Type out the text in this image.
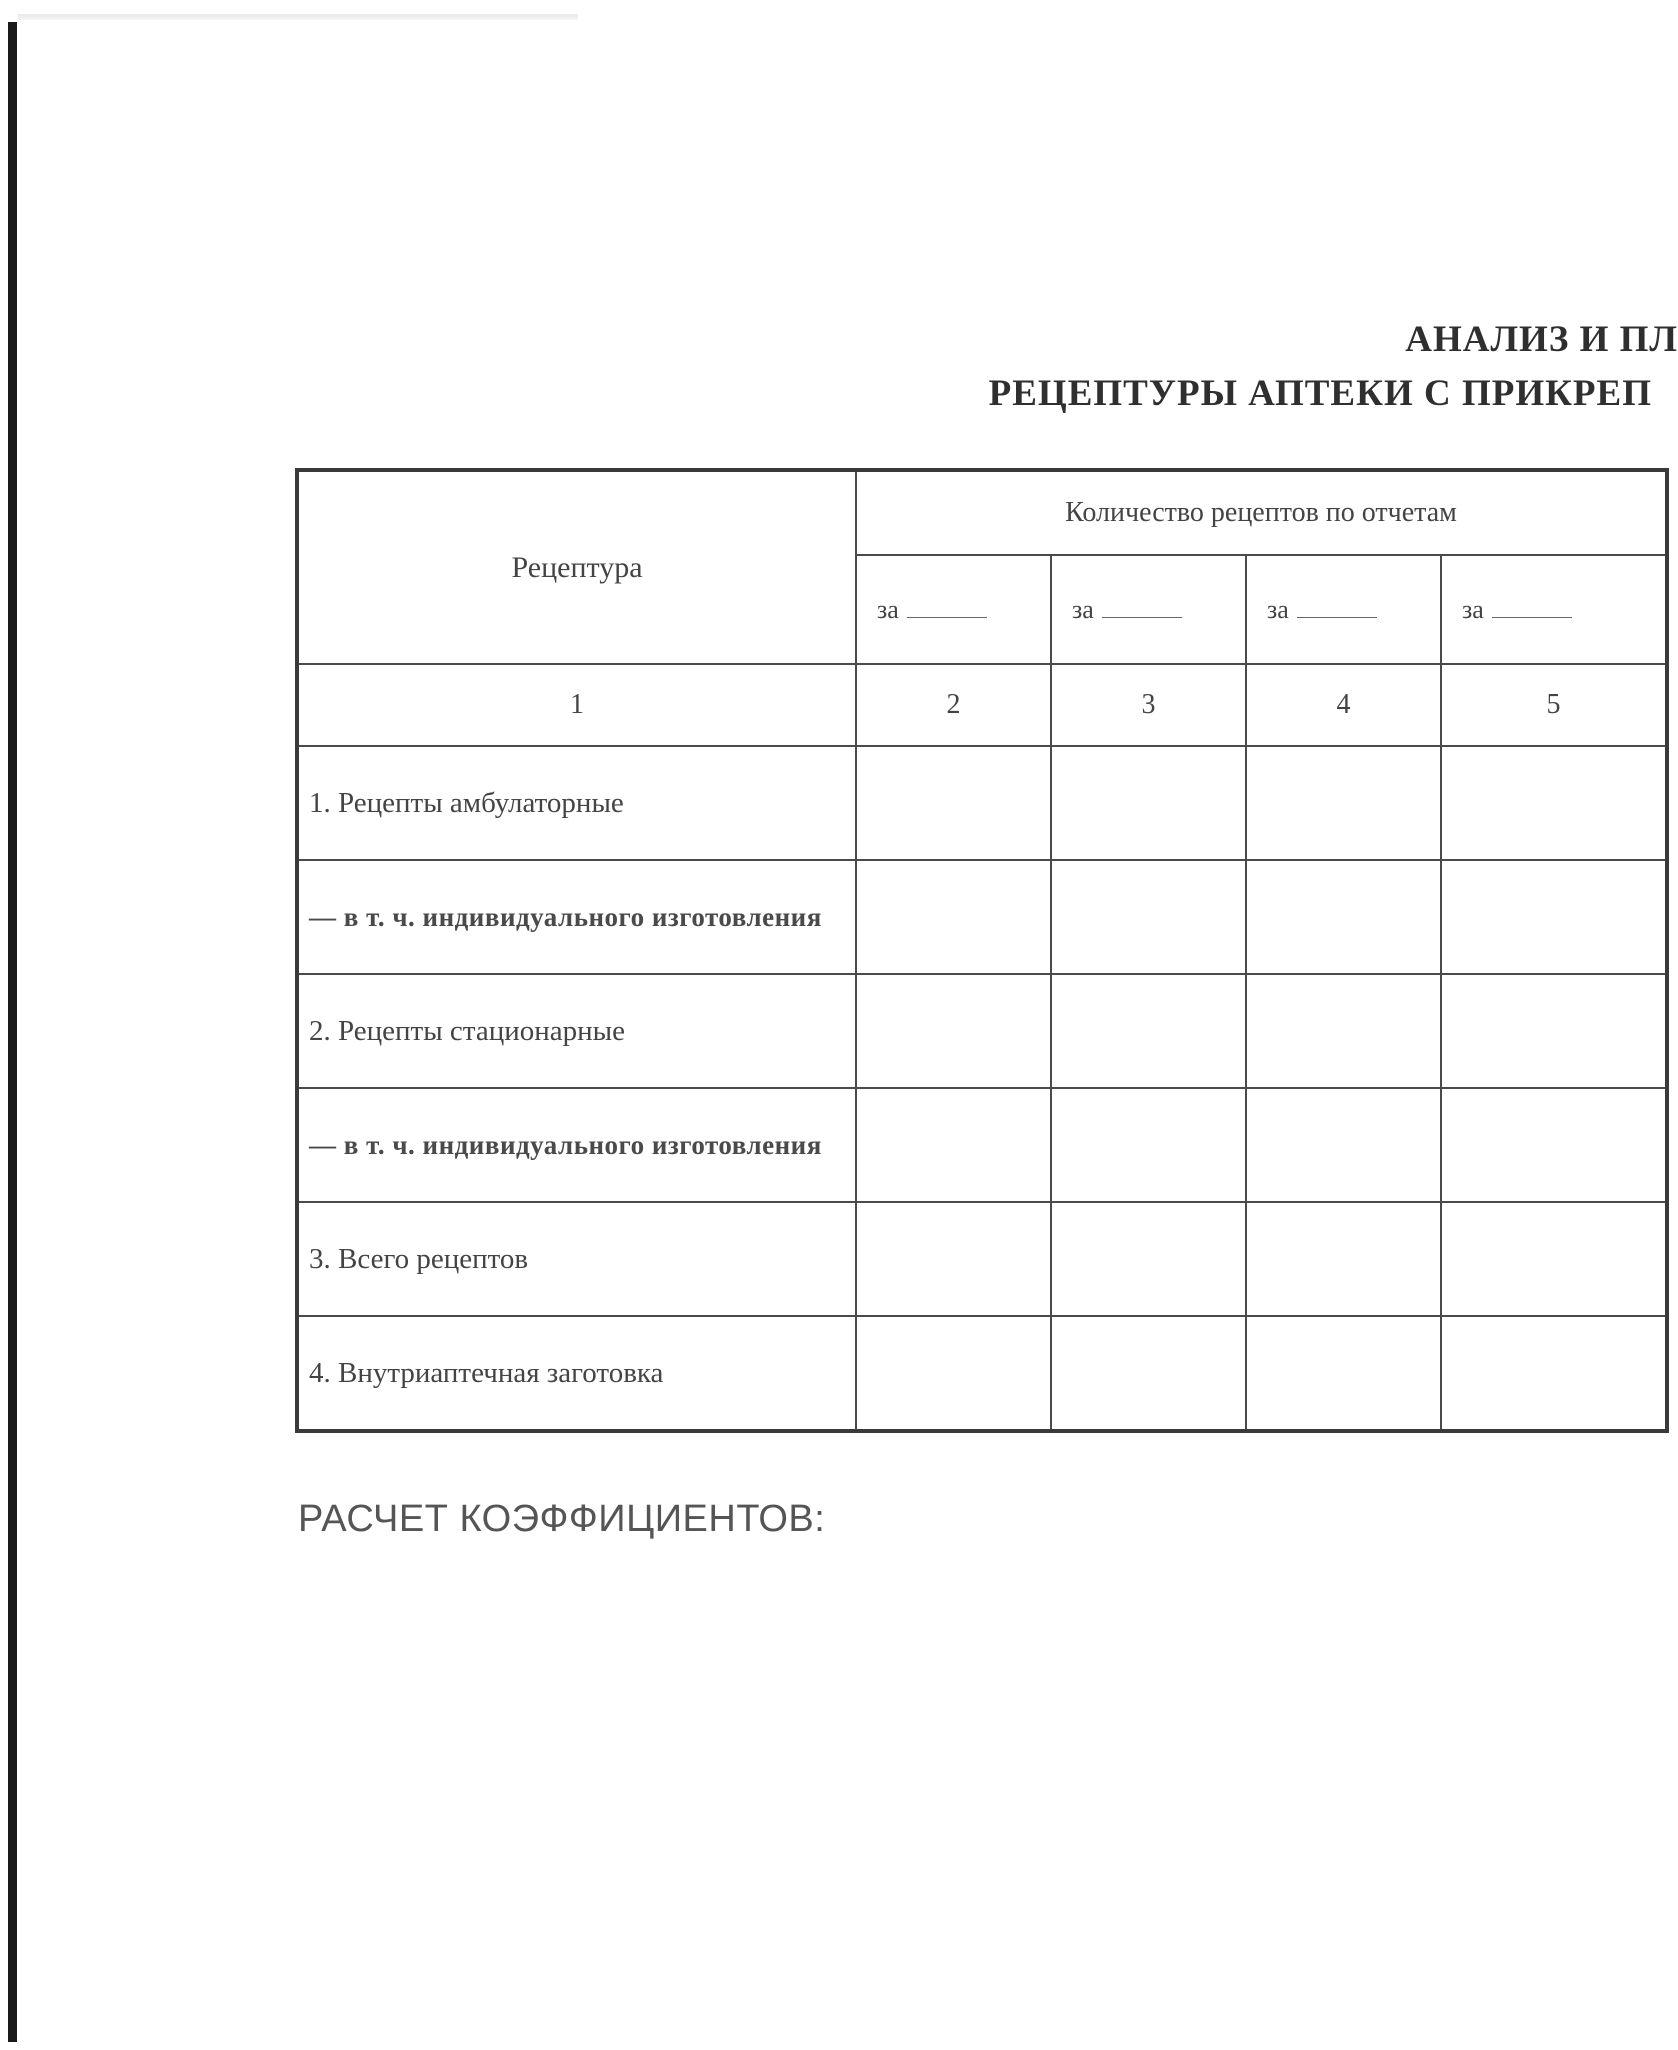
АНАЛИЗ И ПЛ
РЕЦЕПТУРЫ АПТЕКИ С ПРИКРЕП
Рецептура	Количество рецептов по отчетам			
	за	за	за	за
1	2	3	4	5
1. Рецепты амбулаторные				
— в т. ч. индивидуального изготовления				
2. Рецепты стационарные				
— в т. ч. индивидуального изготовления				
3. Всего рецептов				
4. Внутриаптечная заготовка				
РАСЧЕТ КОЭФФИЦИЕНТОВ:
